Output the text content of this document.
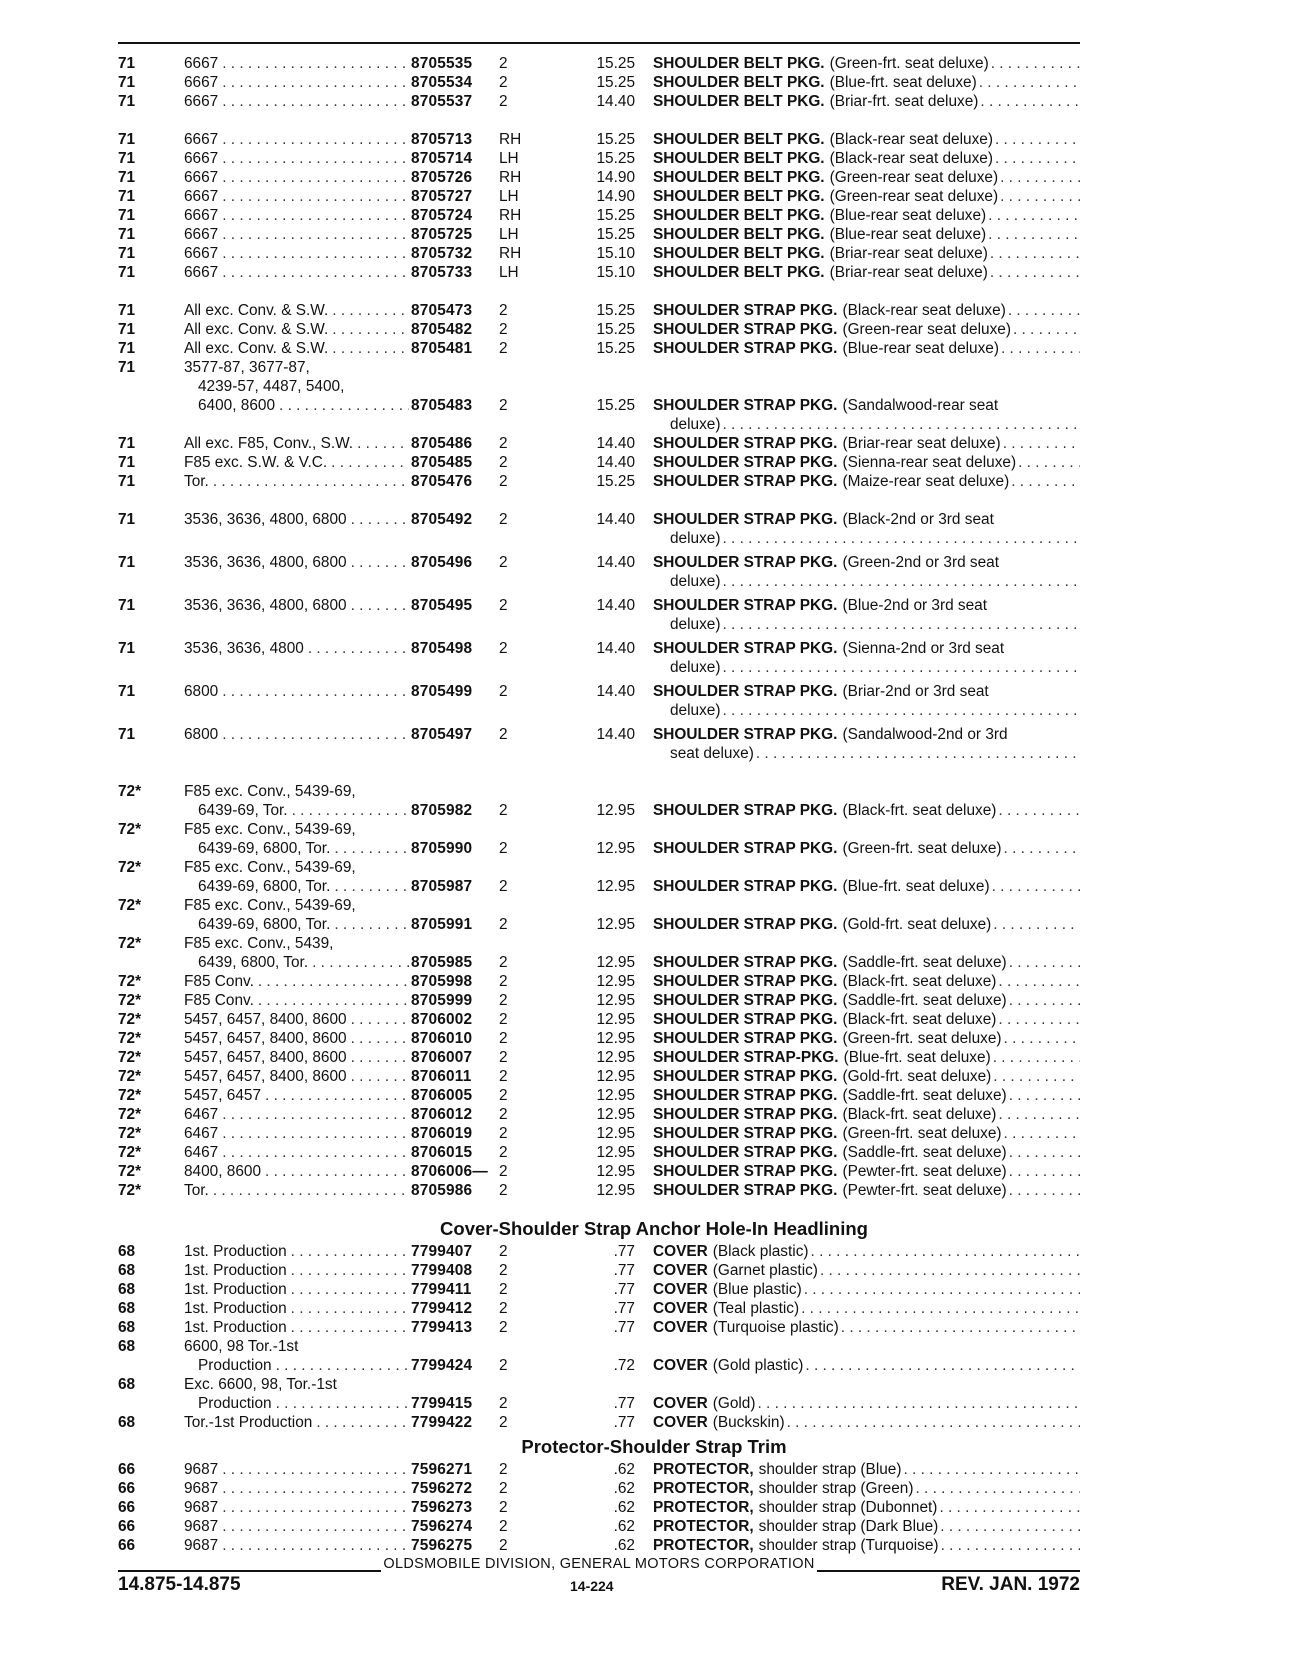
71	6667 . . .	8705535	2	15.25	SHOULDER BELT PKG. (Green-frt. seat deluxe)
. . .
71	6667 . . .	8705534	2	15.25	SHOULDER BELT PKG. (Blue-frt. seat deluxe)
. . .
71	6667 . . .	8705537	2	14.40	SHOULDER BELT PKG. (Briar-frt. seat deluxe)
. . .
71	6667 . . .	8705713	RH	15.25	SHOULDER BELT PKG. (Black-rear seat deluxe)
. . .
71	6667 . . .	8705714	LH	15.25	SHOULDER BELT PKG. (Black-rear seat deluxe)
. . .
71	6667 . . .	8705726	RH	14.90	SHOULDER BELT PKG. (Green-rear seat deluxe)
. . .
71	6667 . . .	8705727	LH	14.90	SHOULDER BELT PKG. (Green-rear seat deluxe)
. . .
71	6667 . . .	8705724	RH	15.25	SHOULDER BELT PKG. (Blue-rear seat deluxe)
. . .
71	6667 . . .	8705725	LH	15.25	SHOULDER BELT PKG. (Blue-rear seat deluxe)
. . .
71	6667 . . .	8705732	RH	15.10	SHOULDER BELT PKG. (Briar-rear seat deluxe)
. . .
71	6667 . . .	8705733	LH	15.10	SHOULDER BELT PKG. (Briar-rear seat deluxe)
. . .
71	All exc. Conv. & S.W. . . .	8705473	2	15.25	SHOULDER STRAP PKG. (Black-rear seat deluxe)
. . .
71	All exc. Conv. & S.W. . . .	8705482	2	15.25	SHOULDER STRAP PKG. (Green-rear seat deluxe)
. . .
71	All exc. Conv. & S.W. . . .	8705481	2	15.25	SHOULDER STRAP PKG. (Blue-rear seat deluxe)
. . .
71	3577-87, 3677-87,
4239-57, 4487, 5400,
6400, 8600 . . .	8705483	2	15.25	SHOULDER STRAP PKG. (Sandalwood-rear seat
deluxe)
. . .
71	All exc. F85, Conv., S.W. . . .	8705486	2	14.40	SHOULDER STRAP PKG. (Briar-rear seat deluxe)
. . .
71	F85 exc. S.W. & V.C. . . .	8705485	2	14.40	SHOULDER STRAP PKG. (Sienna-rear seat deluxe)
. . .
71	Tor. . . .	8705476	2	15.25	SHOULDER STRAP PKG. (Maize-rear seat deluxe)
. . .
71	3536, 3636, 4800, 6800 . . .	8705492	2	14.40	SHOULDER STRAP PKG. (Black-2nd or 3rd seat
deluxe)
. . .
71	3536, 3636, 4800, 6800 . . .	8705496	2	14.40	SHOULDER STRAP PKG. (Green-2nd or 3rd seat
deluxe)
. . .
71	3536, 3636, 4800, 6800 . . .	8705495	2	14.40	SHOULDER STRAP PKG. (Blue-2nd or 3rd seat
deluxe)
. . .
71	3536, 3636, 4800 . . .	8705498	2	14.40	SHOULDER STRAP PKG. (Sienna-2nd or 3rd seat
deluxe)
. . .
71	6800 . . .	8705499	2	14.40	SHOULDER STRAP PKG. (Briar-2nd or 3rd seat
deluxe)
. . .
71	6800 . . .	8705497	2	14.40	SHOULDER STRAP PKG. (Sandalwood-2nd or 3rd
seat deluxe)
. . .
72*	F85 exc. Conv., 5439-69,
6439-69, Tor. . . .	8705982	2	12.95	SHOULDER STRAP PKG. (Black-frt. seat deluxe)
. . .
72*	F85 exc. Conv., 5439-69,
6439-69, 6800, Tor. . . .	8705990	2	12.95	SHOULDER STRAP PKG. (Green-frt. seat deluxe)
. . .
72*	F85 exc. Conv., 5439-69,
6439-69, 6800, Tor. . . .	8705987	2	12.95	SHOULDER STRAP PKG. (Blue-frt. seat deluxe)
. . .
72*	F85 exc. Conv., 5439-69,
6439-69, 6800, Tor. . . .	8705991	2	12.95	SHOULDER STRAP PKG. (Gold-frt. seat deluxe)
. . .
72*	F85 exc. Conv., 5439,
6439, 6800, Tor. . . .	8705985	2	12.95	SHOULDER STRAP PKG. (Saddle-frt. seat deluxe)
. . .
72*	F85 Conv. . . .	8705998	2	12.95	SHOULDER STRAP PKG. (Black-frt. seat deluxe)
. . .
72*	F85 Conv. . . .	8705999	2	12.95	SHOULDER STRAP PKG. (Saddle-frt. seat deluxe)
. . .
72*	5457, 6457, 8400, 8600 . . .	8706002	2	12.95	SHOULDER STRAP PKG. (Black-frt. seat deluxe)
. . .
72*	5457, 6457, 8400, 8600 . . .	8706010	2	12.95	SHOULDER STRAP PKG. (Green-frt. seat deluxe)
. . .
72*	5457, 6457, 8400, 8600 . . .	8706007	2	12.95	SHOULDER STRAP-PKG. (Blue-frt. seat deluxe)
. . .
72*	5457, 6457, 8400, 8600 . . .	8706011	2	12.95	SHOULDER STRAP PKG. (Gold-frt. seat deluxe)
. . .
72*	5457, 6457 . . .	8706005	2	12.95	SHOULDER STRAP PKG. (Saddle-frt. seat deluxe)
. . .
72*	6467 . . .	8706012	2	12.95	SHOULDER STRAP PKG. (Black-frt. seat deluxe)
. . .
72*	6467 . . .	8706019	2	12.95	SHOULDER STRAP PKG. (Green-frt. seat deluxe)
. . .
72*	6467 . . .	8706015	2	12.95	SHOULDER STRAP PKG. (Saddle-frt. seat deluxe)
. . .
72*	8400, 8600 . . .	8706006— 2	12.95	SHOULDER STRAP PKG. (Pewter-frt. seat deluxe)
. . .
72*	Tor. . . .	8705986	2	12.95	SHOULDER STRAP PKG. (Pewter-frt. seat deluxe)
. . .
Cover-Shoulder Strap Anchor Hole-In Headlining
68	1st. Production . . .	7799407	2	.77	COVER (Black plastic)
. . .
68	1st. Production . . .	7799408	2	.77	COVER (Garnet plastic)
. . .
68	1st. Production . . .	7799411	2	.77	COVER (Blue plastic)
. . .
68	1st. Production . . .	7799412	2	.77	COVER (Teal plastic)
. . .
68	1st. Production . . .	7799413	2	.77	COVER (Turquoise plastic)
. . .
68	6600, 98 Tor.-1st
Production . . .	7799424	2	.72	COVER (Gold plastic)
. . .
68	Exc. 6600, 98, Tor.-1st
Production . . .	7799415	2	.77	COVER (Gold)
. . .
68	Tor.-1st Production . . .	7799422	2	.77	COVER (Buckskin)
. . .
Protector-Shoulder Strap Trim
66	9687 . . .	7596271	2	.62	PROTECTOR, shoulder strap (Blue)
. . .
66	9687 . . .	7596272	2	.62	PROTECTOR, shoulder strap (Green)
. . .
66	9687 . . .	7596273	2	.62	PROTECTOR, shoulder strap (Dubonnet)
. . .
66	9687 . . .	7596274	2	.62	PROTECTOR, shoulder strap (Dark Blue)
. . .
66	9687 . . .	7596275	2	.62	PROTECTOR, shoulder strap (Turquoise)
. . .
OLDSMOBILE DIVISION, GENERAL MOTORS CORPORATION
14.875-14.875	14-224	REV. JAN. 1972
